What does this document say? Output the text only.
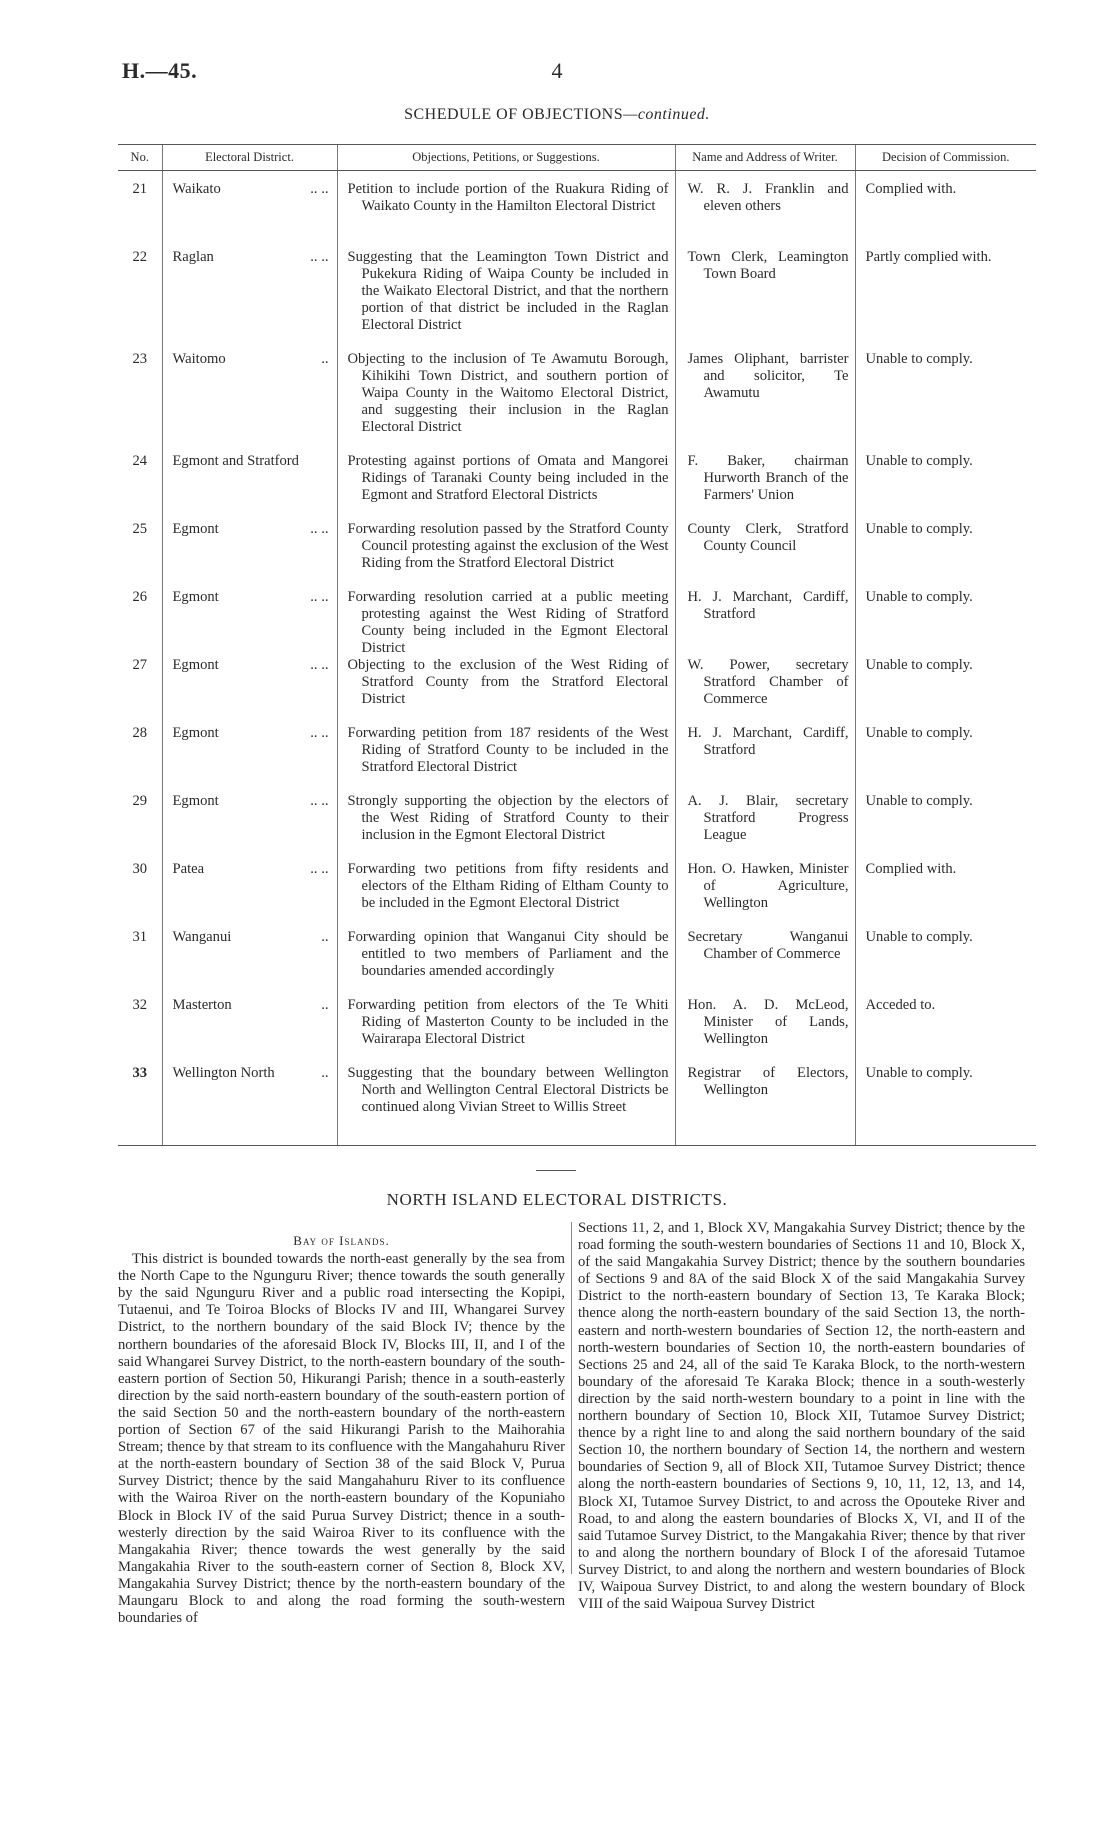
H.—45.	4
SCHEDULE OF OBJECTIONS—continued.
No.	Electoral District.	Objections, Petitions, or Suggestions.	Name and Address of Writer.	Decision of Commission.
21	Waikato .. ..	Petition to include portion of the Ruakura Riding of Waikato County in the Hamilton Electoral District	W. R. J. Franklin and eleven others	Complied with.
22	Raglan .. ..	Suggesting that the Leamington Town District and Pukekura Riding of Waipa County be included in the Waikato Electoral District, and that the northern portion of that district be included in the Raglan Electoral District	Town Clerk, Leamington Town Board	Partly complied with.
23	Waitomo ..	Objecting to the inclusion of Te Awamutu Borough, Kihikihi Town District, and southern portion of Waipa County in the Waitomo Electoral District, and suggesting their inclusion in the Raglan Electoral District	James Oliphant, barrister and solicitor, Te Awamutu	Unable to comply.
24	Egmont and Stratford	Protesting against portions of Omata and Mangorei Ridings of Taranaki County being included in the Egmont and Stratford Electoral Districts	F. Baker, chairman Hurworth Branch of the Farmers' Union	Unable to comply.
25	Egmont .. ..	Forwarding resolution passed by the Stratford County Council protesting against the exclusion of the West Riding from the Stratford Electoral District	County Clerk, Stratford County Council	Unable to comply.
26	Egmont .. ..	Forwarding resolution carried at a public meeting protesting against the West Riding of Stratford County being included in the Egmont Electoral District	H. J. Marchant, Cardiff, Stratford	Unable to comply.
27	Egmont .. ..	Objecting to the exclusion of the West Riding of Stratford County from the Stratford Electoral District	W. Power, secretary Stratford Chamber of Commerce	Unable to comply.
28	Egmont .. ..	Forwarding petition from 187 residents of the West Riding of Stratford County to be included in the Stratford Electoral District	H. J. Marchant, Cardiff, Stratford	Unable to comply.
29	Egmont .. ..	Strongly supporting the objection by the electors of the West Riding of Stratford County to their inclusion in the Egmont Electoral District	A. J. Blair, secretary Stratford Progress League	Unable to comply.
30	Patea .. ..	Forwarding two petitions from fifty residents and electors of the Eltham Riding of Eltham County to be included in the Egmont Electoral District	Hon. O. Hawken, Minister of Agriculture, Wellington	Complied with.
31	Wanganui ..	Forwarding opinion that Wanganui City should be entitled to two members of Parliament and the boundaries amended accordingly	Secretary Wanganui Chamber of Commerce	Unable to comply.
32	Masterton ..	Forwarding petition from electors of the Te Whiti Riding of Masterton County to be included in the Wairarapa Electoral District	Hon. A. D. McLeod, Minister of Lands, Wellington	Acceded to.
33	Wellington North ..	Suggesting that the boundary between Wellington North and Wellington Central Electoral Districts be continued along Vivian Street to Willis Street	Registrar of Electors, Wellington	Unable to comply.
NORTH ISLAND ELECTORAL DISTRICTS.
Bay of Islands.

This district is bounded towards the north-east generally by the sea from the North Cape to the Ngunguru River; thence towards the south generally by the said Ngunguru River and a public road intersecting the Kopipi, Tutaenui, and Te Toiroa Blocks of Blocks IV and III, Whangarei Survey District, to the northern boundary of the said Block IV; thence by the northern boundaries of the aforesaid Block IV, Blocks III, II, and I of the said Whangarei Survey District, to the north-eastern boundary of the south-eastern portion of Section 50, Hikurangi Parish; thence in a south-easterly direction by the said north-eastern boundary of the south-eastern portion of the said Section 50 and the north-eastern boundary of the north-eastern portion of Section 67 of the said Hikurangi Parish to the Maihorahia Stream; thence by that stream to its confluence with the Mangahahuru River at the north-eastern boundary of Section 38 of the said Block V, Purua Survey District; thence by the said Mangahahuru River to its confluence with the Wairoa River on the north-eastern boundary of the Kopuniaho Block in Block IV of the said Purua Survey District; thence in a south-westerly direction by the said Wairoa River to its confluence with the Mangakahia River; thence towards the west generally by the said Mangakahia River to the south-eastern corner of Section 8, Block XV, Mangakahia Survey District; thence by the north-eastern boundary of the Maungaru Block to and along the road forming the south-western boundaries of

Sections 11, 2, and 1, Block XV, Mangakahia Survey District; thence by the road forming the south-western boundaries of Sections 11 and 10, Block X, of the said Mangakahia Survey District; thence by the southern boundaries of Sections 9 and 8A of the said Block X of the said Mangakahia Survey District to the north-eastern boundary of Section 13, Te Karaka Block; thence along the north-eastern boundary of the said Section 13, the north-eastern and north-western boundaries of Section 12, the north-eastern and north-western boundaries of Section 10, the north-eastern boundaries of Sections 25 and 24, all of the said Te Karaka Block, to the north-western boundary of the aforesaid Te Karaka Block; thence in a south-westerly direction by the said north-western boundary to a point in line with the northern boundary of Section 10, Block XII, Tutamoe Survey District; thence by a right line to and along the said northern boundary of the said Section 10, the northern boundary of Section 14, the northern and western boundaries of Section 9, all of Block XII, Tutamoe Survey District; thence along the north-eastern boundaries of Sections 9, 10, 11, 12, 13, and 14, Block XI, Tutamoe Survey District, to and across the Opouteke River and Road, to and along the eastern boundaries of Blocks X, VI, and II of the said Tutamoe Survey District, to the Mangakahia River; thence by that river to and along the northern boundary of Block I of the aforesaid Tutamoe Survey District, to and along the northern and western boundaries of Block IV, Waipoua Survey District, to and along the western boundary of Block VIII of the said Waipoua Survey District
